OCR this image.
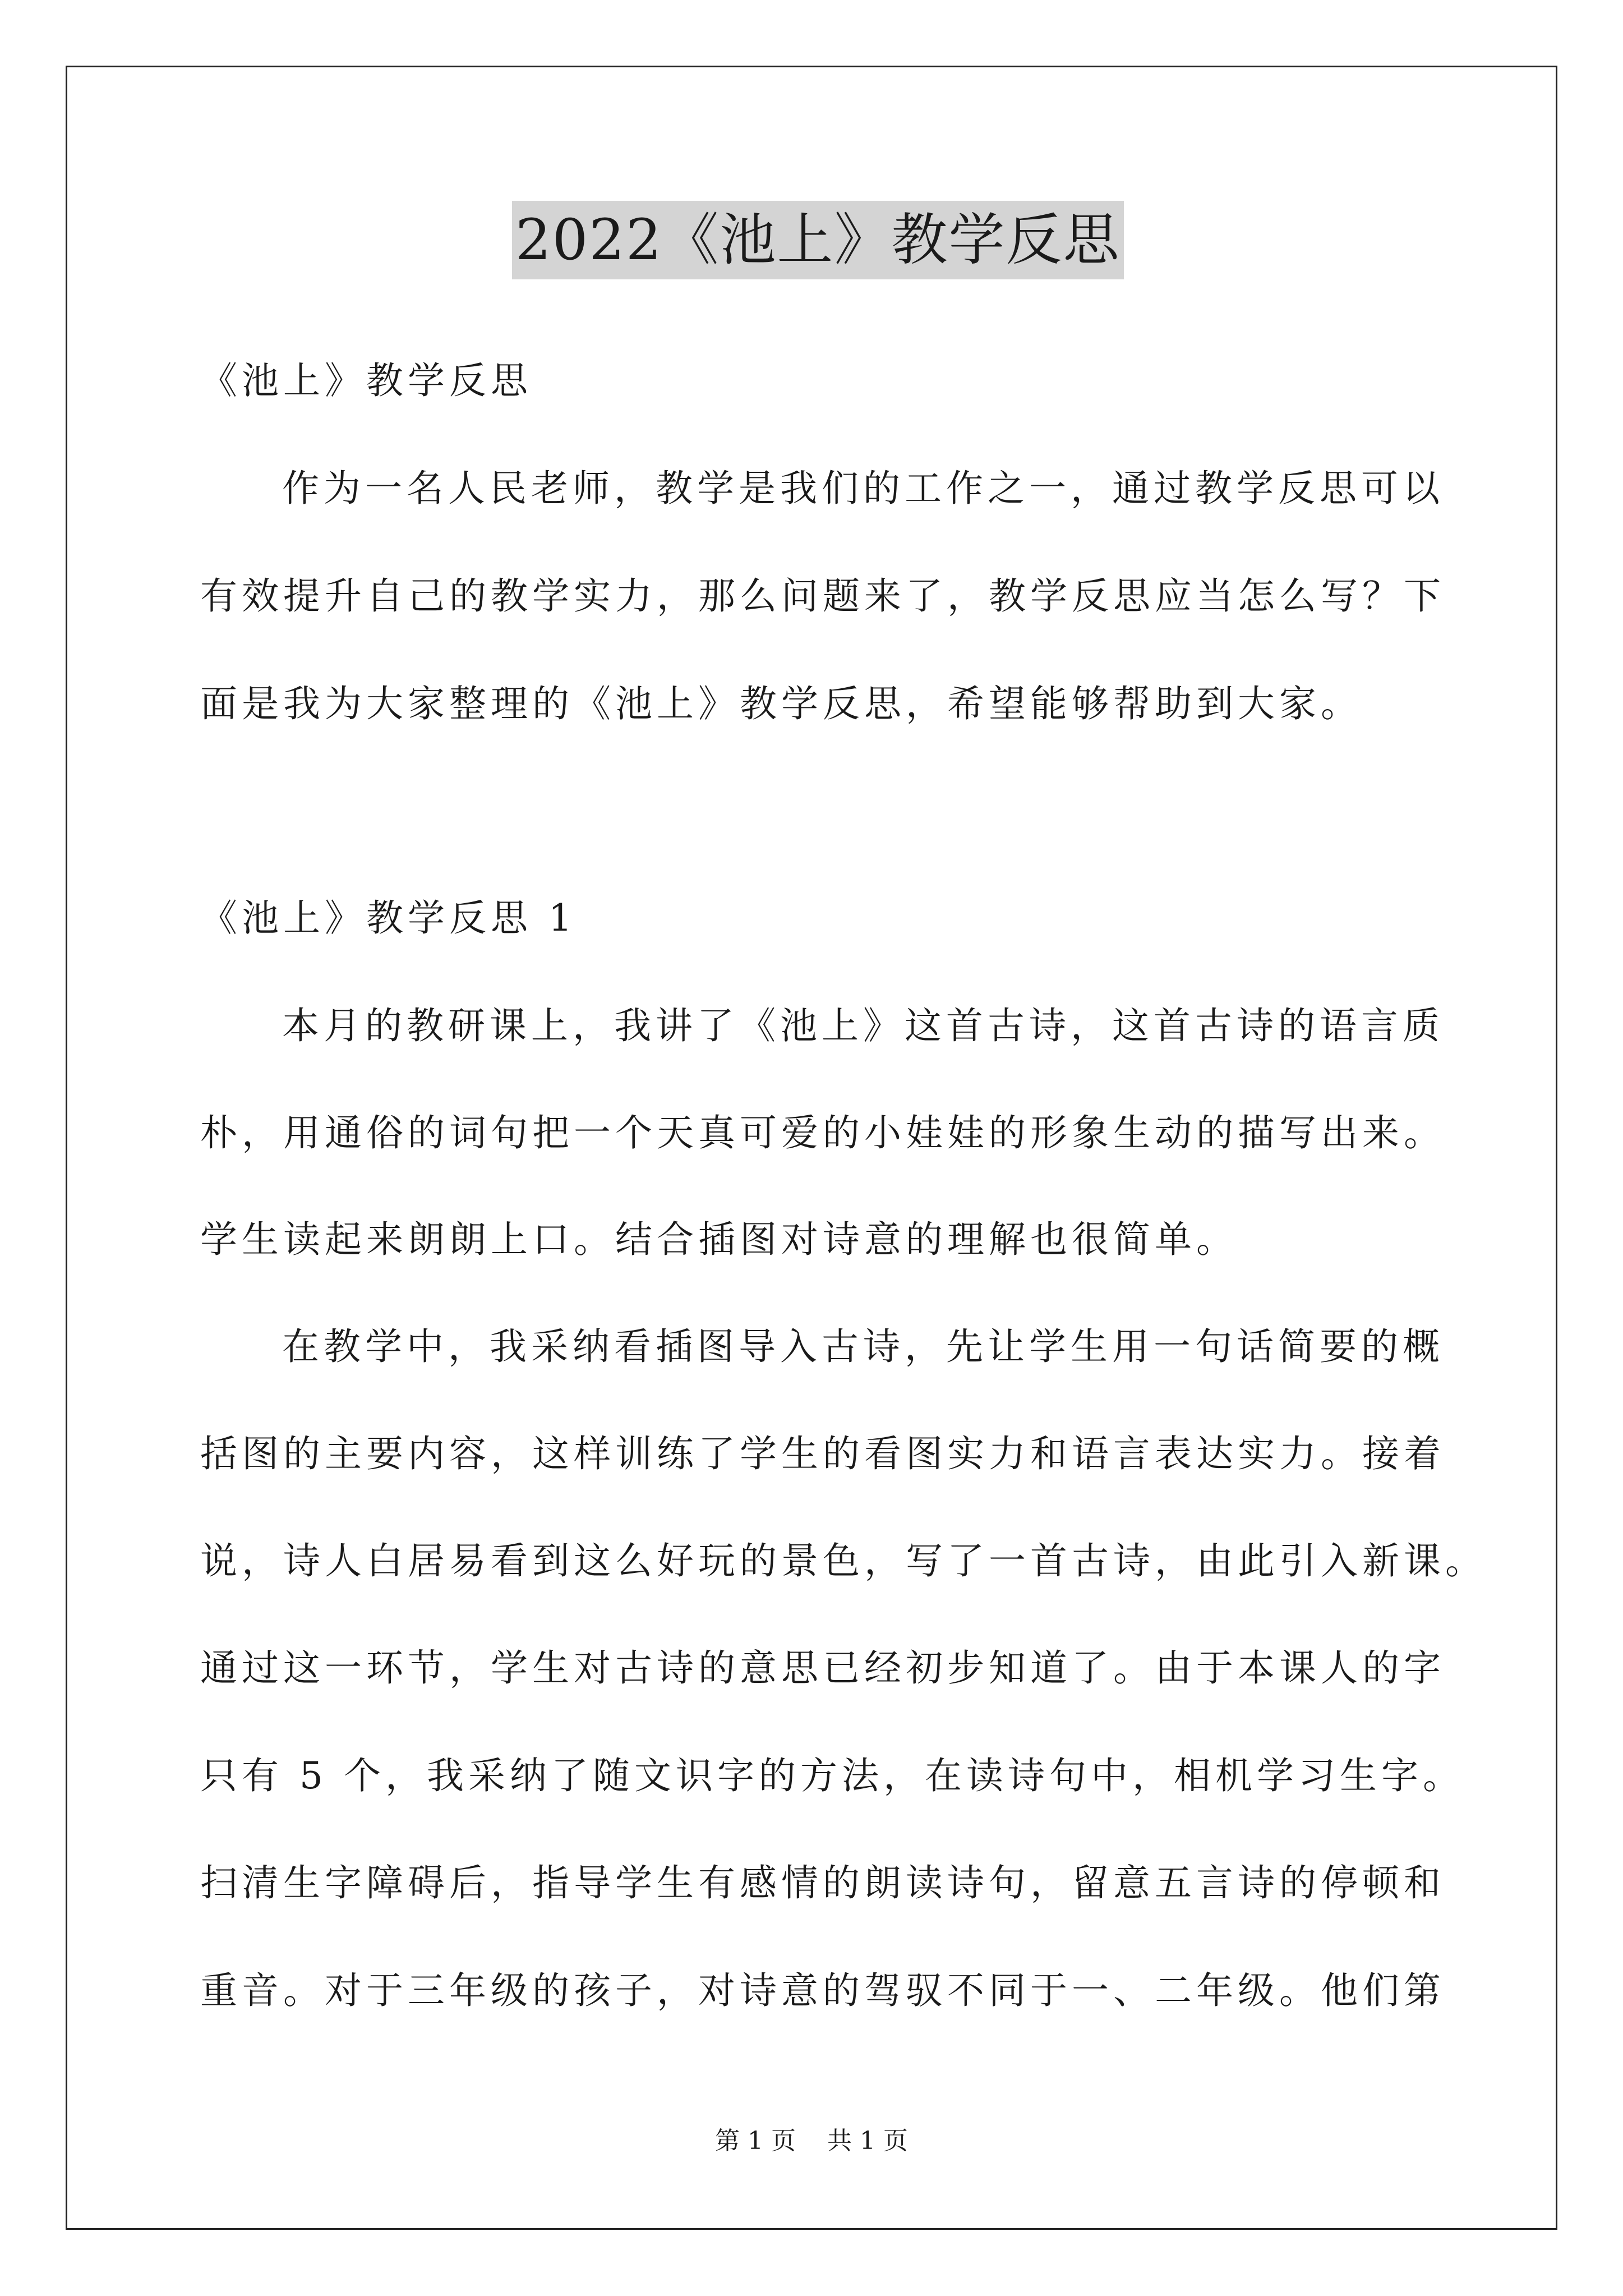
2022《池上》教学反思
《池上》教学反思
作为一名人民老师，教学是我们的工作之一，通过教学反思可以
有效提升自己的教学实力，那么问题来了，教学反思应当怎么写？下
面是我为大家整理的《池上》教学反思，希望能够帮助到大家。
《池上》教学反思 1
本月的教研课上，我讲了《池上》这首古诗，这首古诗的语言质
朴，用通俗的词句把一个天真可爱的小娃娃的形象生动的描写出来。
学生读起来朗朗上口。结合插图对诗意的理解也很简单。
在教学中，我采纳看插图导入古诗，先让学生用一句话简要的概
括图的主要内容，这样训练了学生的看图实力和语言表达实力。接着
说，诗人白居易看到这么好玩的景色，写了一首古诗，由此引入新课。
通过这一环节，学生对古诗的意思已经初步知道了。由于本课人的字
只有 5 个，我采纳了随文识字的方法，在读诗句中，相机学习生字。
扫清生字障碍后，指导学生有感情的朗读诗句，留意五言诗的停顿和
重音。对于三年级的孩子，对诗意的驾驭不同于一、二年级。他们第
第 1 页    共 1 页
